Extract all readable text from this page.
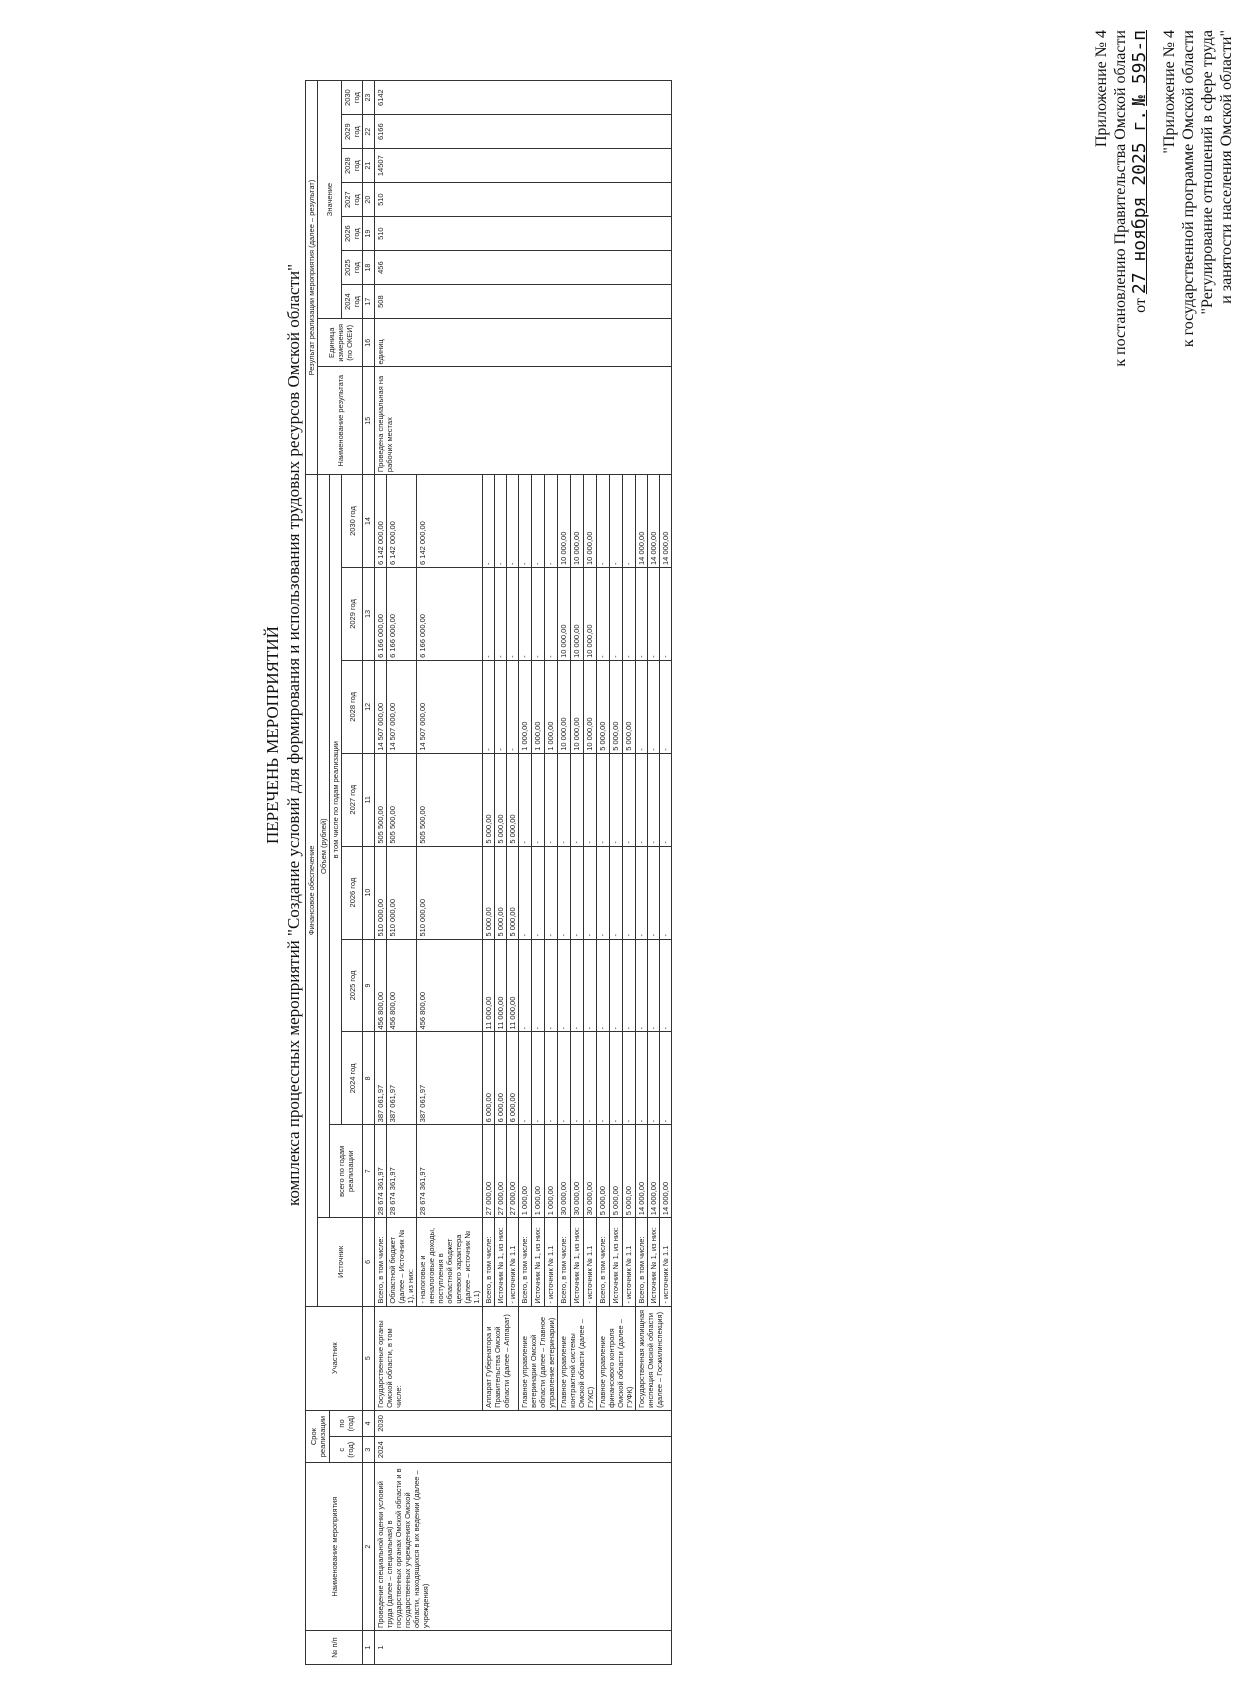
Приложение № 4 к постановлению Правительства Омской области от 27 ноября 2025 г. № 595-п "Приложение № 4 к государственной программе Омской области "Регулирование отношений в сфере труда и занятости населения Омской области"
ПЕРЕЧЕНЬ МЕРОПРИЯТИЙ комплекса процессных мероприятий "Создание условий для формирования и использования трудовых ресурсов Омской области"
№ п/п	Наименование мероприятия	Срок реализации		Участник	Финансовое обеспечение									Результат реализации мероприятия (далее – результат)								
					Источник	Объем (рублей)								Наименование результата	Единица измерения (по ОКЕИ)	Значение						
		с (год)	по (год)			всего по годам реализации	в том числе по годам реализации															
							2024 год	2025 год	2026 год	2027 год	2028 год	2029 год	2030 год			2024 год	2025 год	2026 год	2027 год	2028 год	2029 год	2030 год
1	2	3	4	5	6	7	8	9	10	11	12	13	14	15	16	17	18	19	20	21	22	23
1	Проведение специальной оценки условий труда (далее – специальная) в государственных органах Омской области и в государственных учреждениях Омской области, находящихся в их ведении (далее – учреждения)	2024	2030	Государственные органы Омской области, в том числе:	Всего, в том числе:	28 674 361,97	387 061,97	456 800,00	510 000,00	505 500,00	14 507 000,00	6 166 000,00	6 142 000,00	Проведена специальная на рабочих местах	единиц	508	456	510	510	14507	6166	6142
					Областной бюджет (далее – Источник № 1), из них:	28 674 361,97	387 061,97	456 800,00	510 000,00	505 500,00	14 507 000,00	6 166 000,00	6 142 000,00									
					- налоговые и неналоговые доходы, поступления в областной бюджет целевого характера (далее – источник № 1.1)	28 674 361,97	387 061,97	456 800,00	510 000,00	505 500,00	14 507 000,00	6 166 000,00	6 142 000,00									
				Аппарат Губернатора и Правительства Омской области (далее – Аппарат)	Всего, в том числе:	27 000,00	6 000,00	11 000,00	5 000,00	5 000,00	-	-	-									
					Источник № 1, из них:	27 000,00	6 000,00	11 000,00	5 000,00	5 000,00	-	-	-									
					- источник № 1.1	27 000,00	6 000,00	11 000,00	5 000,00	5 000,00	-	-	-									
				Главное управление ветеринарии Омской области (далее – Главное управление ветеринарии)	Всего, в том числе:	1 000,00	-	-	-	-	1 000,00	-	-									
					Источник № 1, из них:	1 000,00	-	-	-	-	1 000,00	-	-									
					- источник № 1.1	1 000,00	-	-	-	-	1 000,00	-	-									
				Главное управление контрактной системы Омской области (далее – ГУКС)	Всего, в том числе:	30 000,00	-	-	-	-	10 000,00	10 000,00	10 000,00									
					Источник № 1, из них:	30 000,00	-	-	-	-	10 000,00	10 000,00	10 000,00									
					- источник № 1.1	30 000,00	-	-	-	-	10 000,00	10 000,00	10 000,00									
				Главное управление финансового контроля Омской области (далее – ГУФК)	Всего, в том числе:	5 000,00	-	-	-	-	5 000,00	-	-									
					Источник № 1, из них:	5 000,00	-	-	-	-	5 000,00	-	-									
					- источник № 1.1	5 000,00	-	-	-	-	5 000,00	-	-									
				Государственная жилищная инспекция Омской области (далее – Госжилинспекция)	Всего, в том числе:	14 000,00	-	-	-	-	-	-	14 000,00									
					Источник № 1, из них:	14 000,00	-	-	-	-	-	-	14 000,00									
					- источник № 1.1	14 000,00	-	-	-	-	-	-	14 000,00									
